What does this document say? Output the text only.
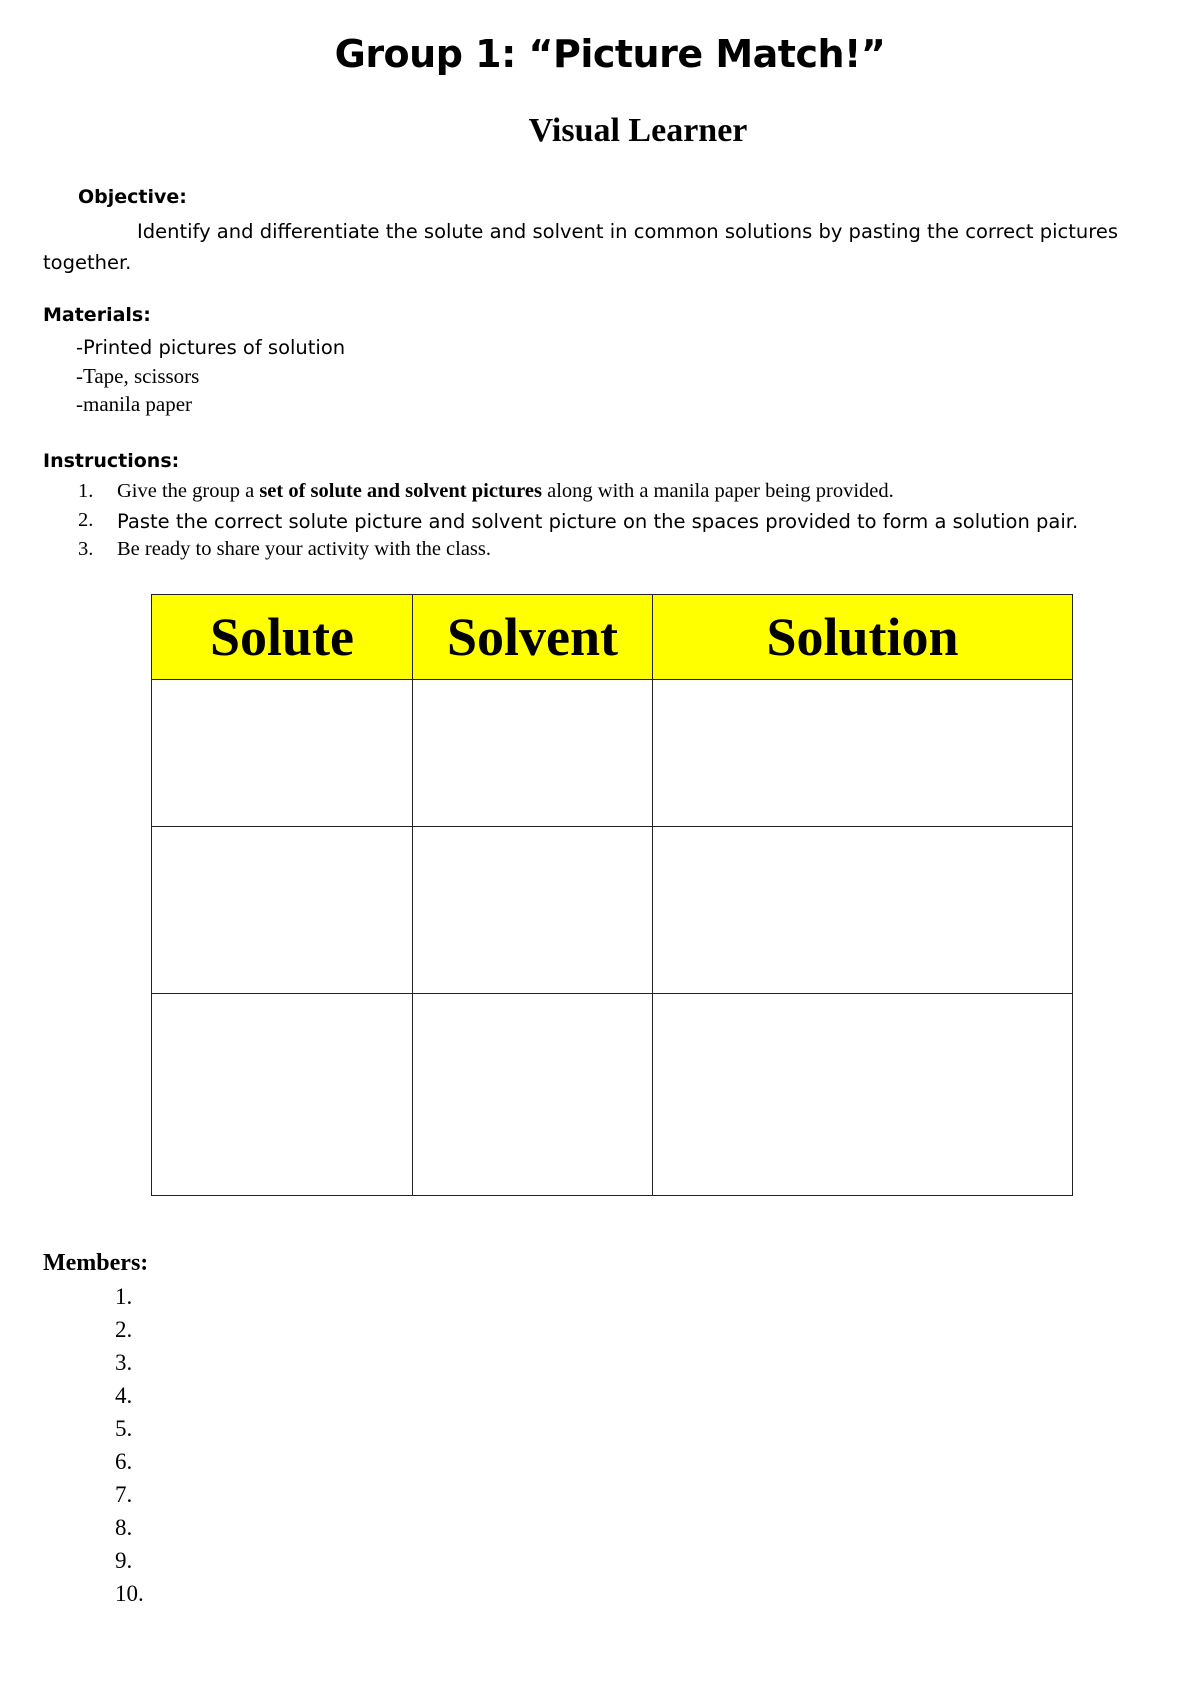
Group 1: “Picture Match!”
Visual Learner
Objective:
Identify and differentiate the solute and solvent in common solutions by pasting the correct pictures together.
Materials:
-Printed pictures of solution
-Tape, scissors
-manila paper
Instructions:
1. Give the group a set of solute and solvent pictures along with a manila paper being provided.
2. Paste the correct solute picture and solvent picture on the spaces provided to form a solution pair.
3. Be ready to share your activity with the class.
Solute	Solvent	Solution

Members:
1.
2.
3.
4.
5.
6.
7.
8.
9.
10.
